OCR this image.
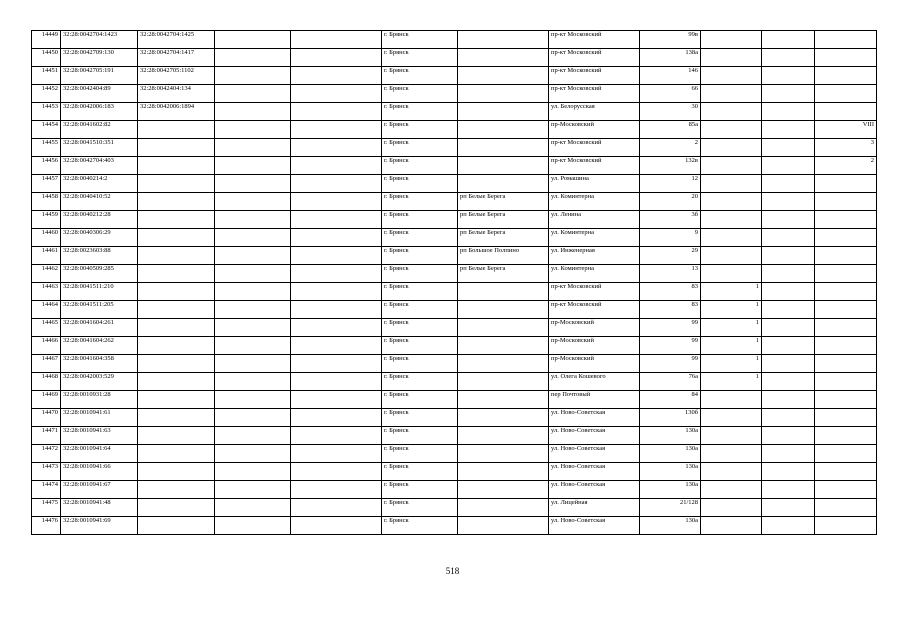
14449	32:28:0042704:1423	32:28:0042704:1425			г. Брянск		пр-кт Московский	99в			
14450	32:28:0042709:130	32:28:0042704:1417			г. Брянск		пр-кт Московский	138а			
14451	32:28:0042705:191	32:28:0042705:1102			г. Брянск		пр-кт Московский	146			
14452	32:28:0042404:89	32:28:0042404:134			г. Брянск		пр-кт Московский	66			
14453	32:28:0042006:183	32:28:0042006:1894			г. Брянск		ул. Белорусская	30			
14454	32:28:0041602:82				г. Брянск		пр-Московский	85а			VIII
14455	32:28:0041510:351				г. Брянск		пр-кт Московский	2			3
14456	32:28:0042704:403				г. Брянск		пр-кт Московский	132в			2
14457	32:28:0040214:2				г. Брянск		ул. Ромашина	12			
14458	32:28:0040410:52				г. Брянск	рп Белые Берега	ул. Коминтерна	20			
14459	32:28:0040212:28				г. Брянск	рп Белые Берега	ул. Ленина	3б			
14460	32:28:0040306:29				г. Брянск	рп Белые Берега	ул. Коминтерна	9			
14461	32:28:0023603:88				г. Брянск	рп Большое Полпино	ул. Инженерная	29			
14462	32:28:0040509:285				г. Брянск	рп Белые Берега	ул. Коминтерна	13			
14463	32:28:0041511:210				г. Брянск		пр-кт Московский	83	1		
14464	32:28:0041511:205				г. Брянск		пр-кт Московский	83	1		
14465	32:28:0041604:261				г. Брянск		пр-Московский	99	1		
14466	32:28:0041604:262				г. Брянск		пр-Московский	99	1		
14467	32:28:0041604:358				г. Брянск		пр-Московский	99	1		
14468	32:28:0042003:529				г. Брянск		ул. Олега Кошевого	76а	1		
14469	32:28:0010931:28				г. Брянск		пер Почтовый	84			
14470	32:28:0010941:61				г. Брянск		ул. Ново-Советская	130б			
14471	32:28:0010941:63				г. Брянск		ул. Ново-Советская	130а			
14472	32:28:0010941:64				г. Брянск		ул. Ново-Советская	130а			
14473	32:28:0010941:66				г. Брянск		ул. Ново-Советская	130а			
14474	32:28:0010941:67				г. Брянск		ул. Ново-Советская	130а			
14475	32:28:0010941:48				г. Брянск		ул. Лицейная	21/128			
14476	32:28:0010941:69				г. Брянск		ул. Ново-Советская	130а			
518
